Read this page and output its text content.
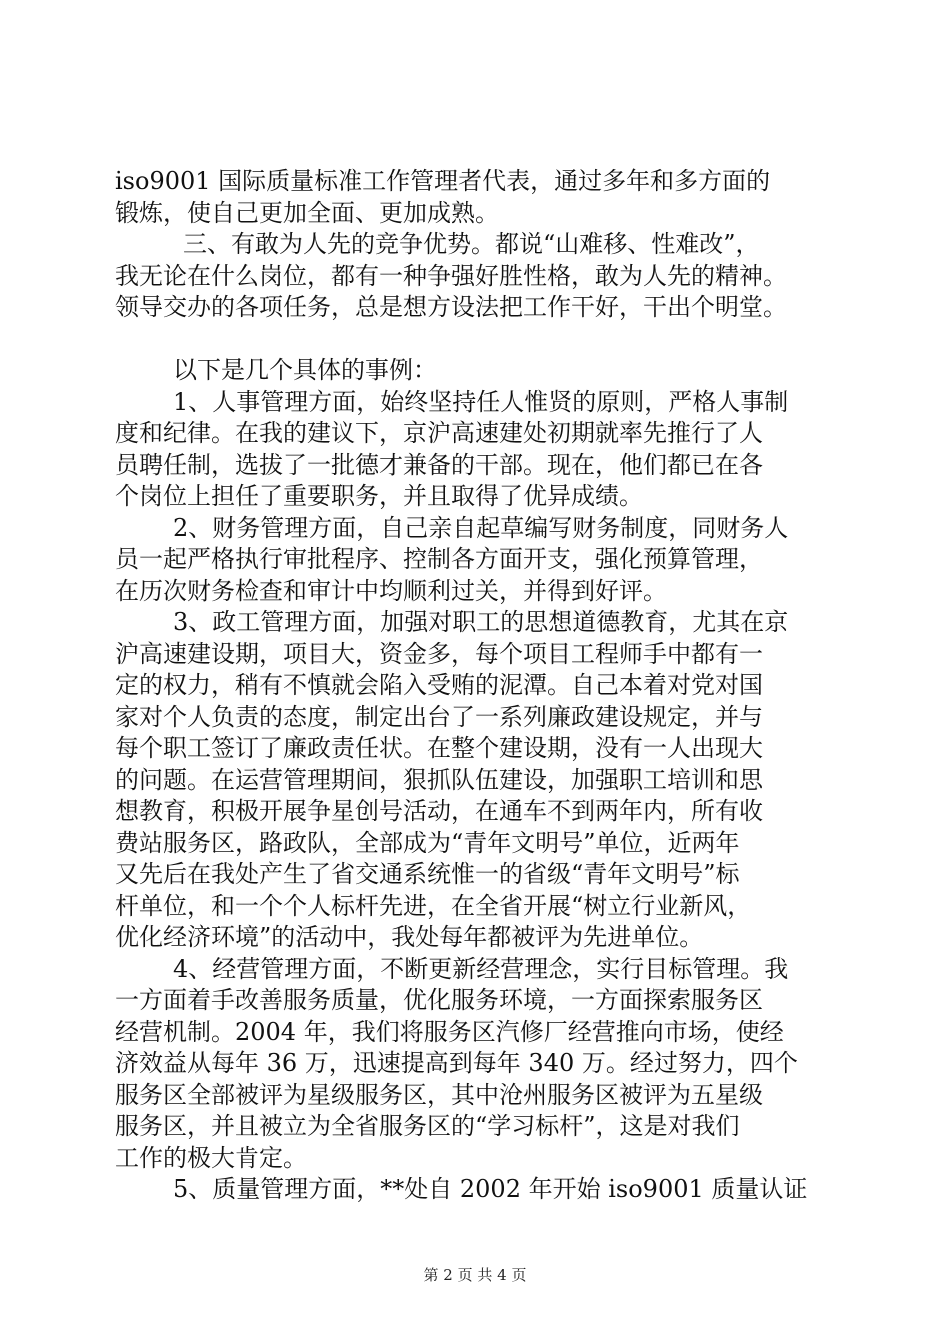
iso9001 国际质量标准工作管理者代表，通过多年和多方面的
锻炼，使自己更加全面、更加成熟。
三、有敢为人先的竞争优势。都说“山难移、性难改”，
我无论在什么岗位，都有一种争强好胜性格，敢为人先的精神。
领导交办的各项任务，总是想方设法把工作干好，干出个明堂。
以下是几个具体的事例：
1、人事管理方面，始终坚持任人惟贤的原则，严格人事制
度和纪律。在我的建议下，京沪高速建处初期就率先推行了人
员聘任制，选拔了一批德才兼备的干部。现在，他们都已在各
个岗位上担任了重要职务，并且取得了优异成绩。
2、财务管理方面，自己亲自起草编写财务制度，同财务人
员一起严格执行审批程序、控制各方面开支，强化预算管理，
在历次财务检查和审计中均顺利过关，并得到好评。
3、政工管理方面，加强对职工的思想道德教育，尤其在京
沪高速建设期，项目大，资金多，每个项目工程师手中都有一
定的权力，稍有不慎就会陷入受贿的泥潭。自己本着对党对国
家对个人负责的态度，制定出台了一系列廉政建设规定，并与
每个职工签订了廉政责任状。在整个建设期，没有一人出现大
的问题。在运营管理期间，狠抓队伍建设，加强职工培训和思
想教育，积极开展争星创号活动，在通车不到两年内，所有收
费站服务区，路政队，全部成为“青年文明号”单位，近两年
又先后在我处产生了省交通系统惟一的省级“青年文明号”标
杆单位，和一个个人标杆先进，在全省开展“树立行业新风，
优化经济环境”的活动中，我处每年都被评为先进单位。
4、经营管理方面，不断更新经营理念，实行目标管理。我
一方面着手改善服务质量，优化服务环境，一方面探索服务区
经营机制。2004 年，我们将服务区汽修厂经营推向市场，使经
济效益从每年 36 万，迅速提高到每年 340 万。经过努力，四个
服务区全部被评为星级服务区，其中沧州服务区被评为五星级
服务区，并且被立为全省服务区的“学习标杆”，这是对我们
工作的极大肯定。
5、质量管理方面，**处自 2002 年开始 iso9001 质量认证
第 2 页 共 4 页
